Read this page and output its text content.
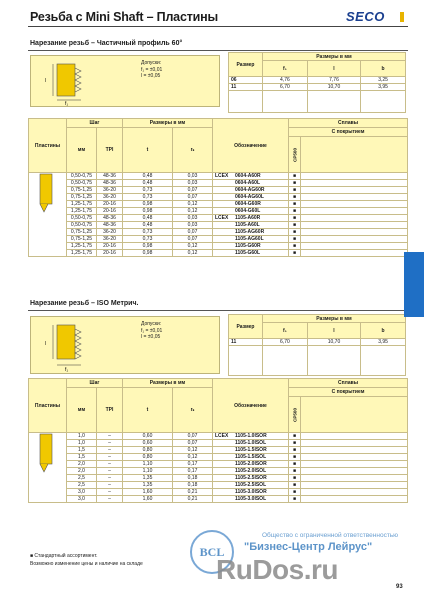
Резьба с Mini Shaft – Пластины	SECO
Нарезание резьб – Частичный профиль 60°
f₁
l
Допуски:
f₁ = ±0,01
l = ±0,05
Размер	Размеры в мм		
	f₁	l	b
06	4,76	7,76	3,25
11	6,70	10,70	3,95

Пластины	Шаг		Размеры в мм		Обозначение	Сплавы	
	мм	TPI	t	rₛ		С покрытием	
						CP500	
	0,50-0,75	48-36	0,48	0,03	LCEX 0604-A60R	■	
	0,50-0,75	48-36	0,48	0,03	0604-A60L	■	
	0,75-1,25	36-20	0,73	0,07	0604-AG60R	■	
	0,75-1,25	36-20	0,73	0,07	0604-AG60L	■	
	1,25-1,75	20-16	0,98	0,12	0604-G60R	■	
	1,25-1,75	20-16	0,98	0,12	0604-G60L	■	
	0,50-0,75	48-36	0,48	0,03	LCEX 1105-A60R	■	
	0,50-0,75	48-36	0,48	0,03	1105-A60L	■	
	0,75-1,25	36-20	0,73	0,07	1105-AG60R	■	
	0,75-1,25	36-20	0,73	0,07	1105-AG60L	■	
	1,25-1,75	20-16	0,98	0,12	1105-G60R	■	
	1,25-1,75	20-16	0,98	0,12	1105-G60L	■	
Нарезание резьб – ISO Метрич.
f₁
l
Допуски:
f₁ = ±0,01
l = ±0,05
Размер	Размеры в мм		
	f₁	l	b
11	6,70	10,70	3,95

Пластины	Шаг		Размеры в мм		Обозначение	Сплавы	
	мм	TPI	t	rₛ		С покрытием	
						CP500	
	1,0	–	0,60	0,07	LCEX 1105-1.0ISOR	■	
	1,0	–	0,60	0,07	1105-1.0ISOL	■	
	1,5	–	0,80	0,12	1105-1.5ISOR	■	
	1,5	–	0,80	0,12	1105-1.5ISOL	■	
	2,0	–	1,10	0,17	1105-2.0ISOR	■	
	2,0	–	1,10	0,17	1105-2.0ISOL	■	
	2,5	–	1,35	0,18	1105-2.5ISOR	■	
	2,5	–	1,35	0,18	1105-2.5ISOL	■	
	3,0	–	1,60	0,21	1105-3.0ISOR	■	
	3,0	–	1,60	0,21	1105-3.0ISOL	■	
■ Стандартный ассортимент.
Возможно изменение цены и наличие на складе
93
Общество с ограниченной ответственностью
"Бизнес-Центр Лейрус"
BCL
RuDos.ru
